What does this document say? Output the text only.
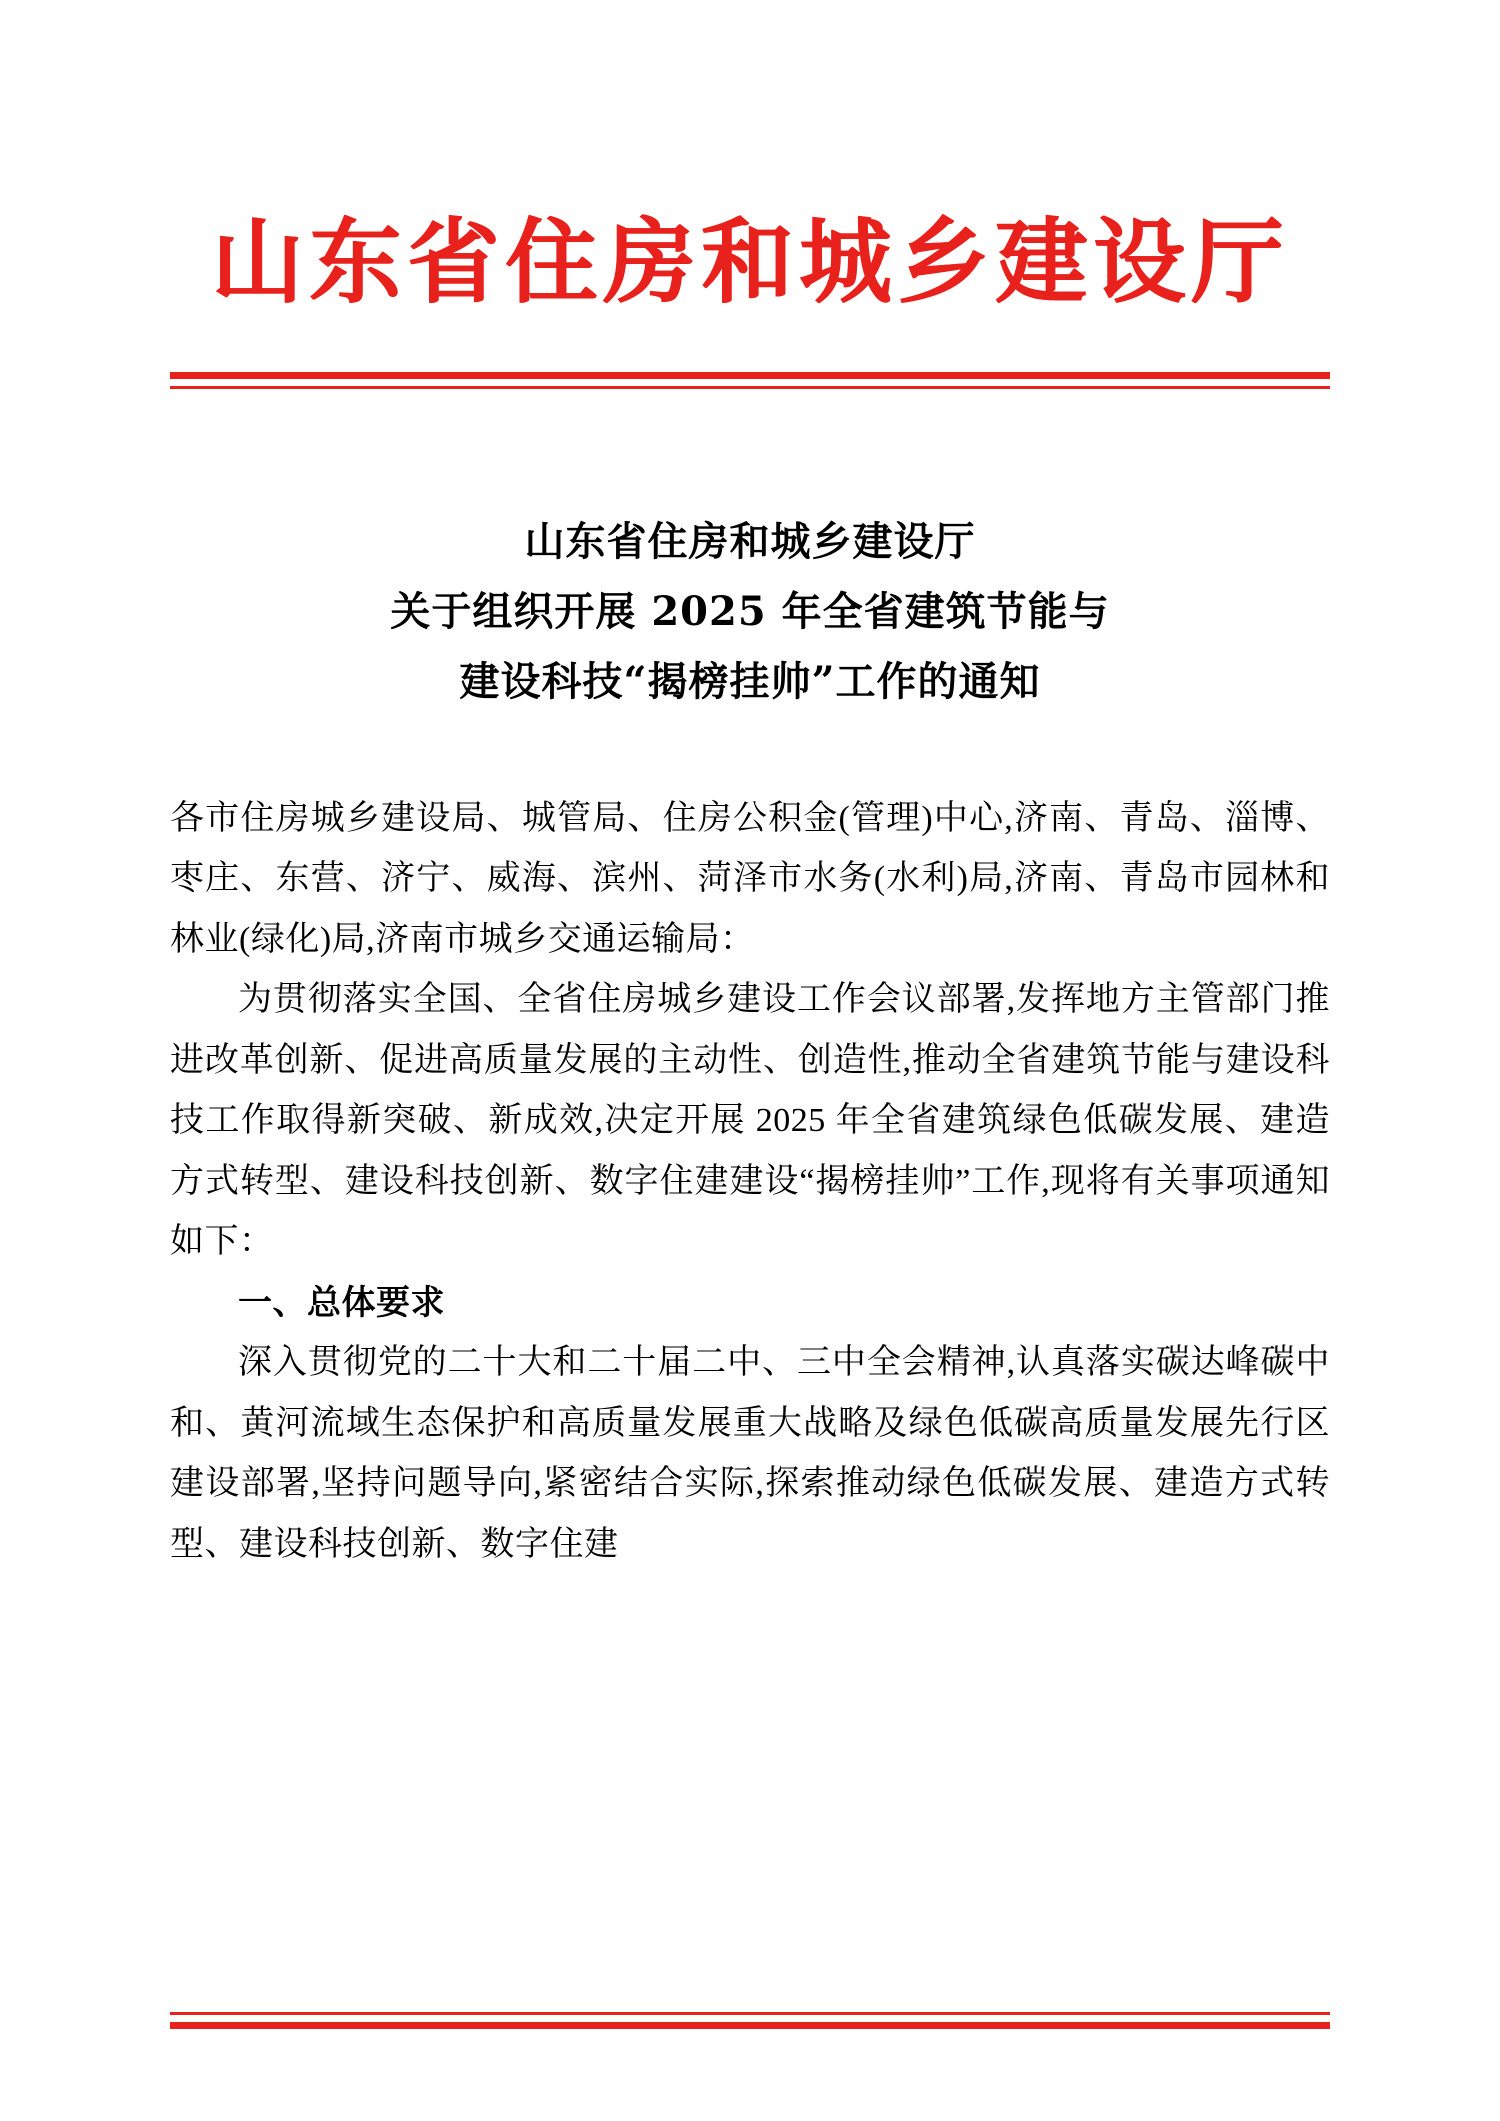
山东省住房和城乡建设厅
山东省住房和城乡建设厅
关于组织开展 2025 年全省建筑节能与
建设科技“揭榜挂帅”工作的通知

各市住房城乡建设局、城管局、住房公积金(管理)中心,济南、青岛、淄博、枣庄、东营、济宁、威海、滨州、菏泽市水务(水利)局,济南、青岛市园林和林业(绿化)局,济南市城乡交通运输局：

为贯彻落实全国、全省住房城乡建设工作会议部署,发挥地方主管部门推进改革创新、促进高质量发展的主动性、创造性,推动全省建筑节能与建设科技工作取得新突破、新成效,决定开展 2025 年全省建筑绿色低碳发展、建造方式转型、建设科技创新、数字住建建设“揭榜挂帅”工作,现将有关事项通知如下：

一、总体要求

深入贯彻党的二十大和二十届二中、三中全会精神,认真落实碳达峰碳中和、黄河流域生态保护和高质量发展重大战略及绿色低碳高质量发展先行区建设部署,坚持问题导向,紧密结合实际,探索推动绿色低碳发展、建造方式转型、建设科技创新、数字住建
